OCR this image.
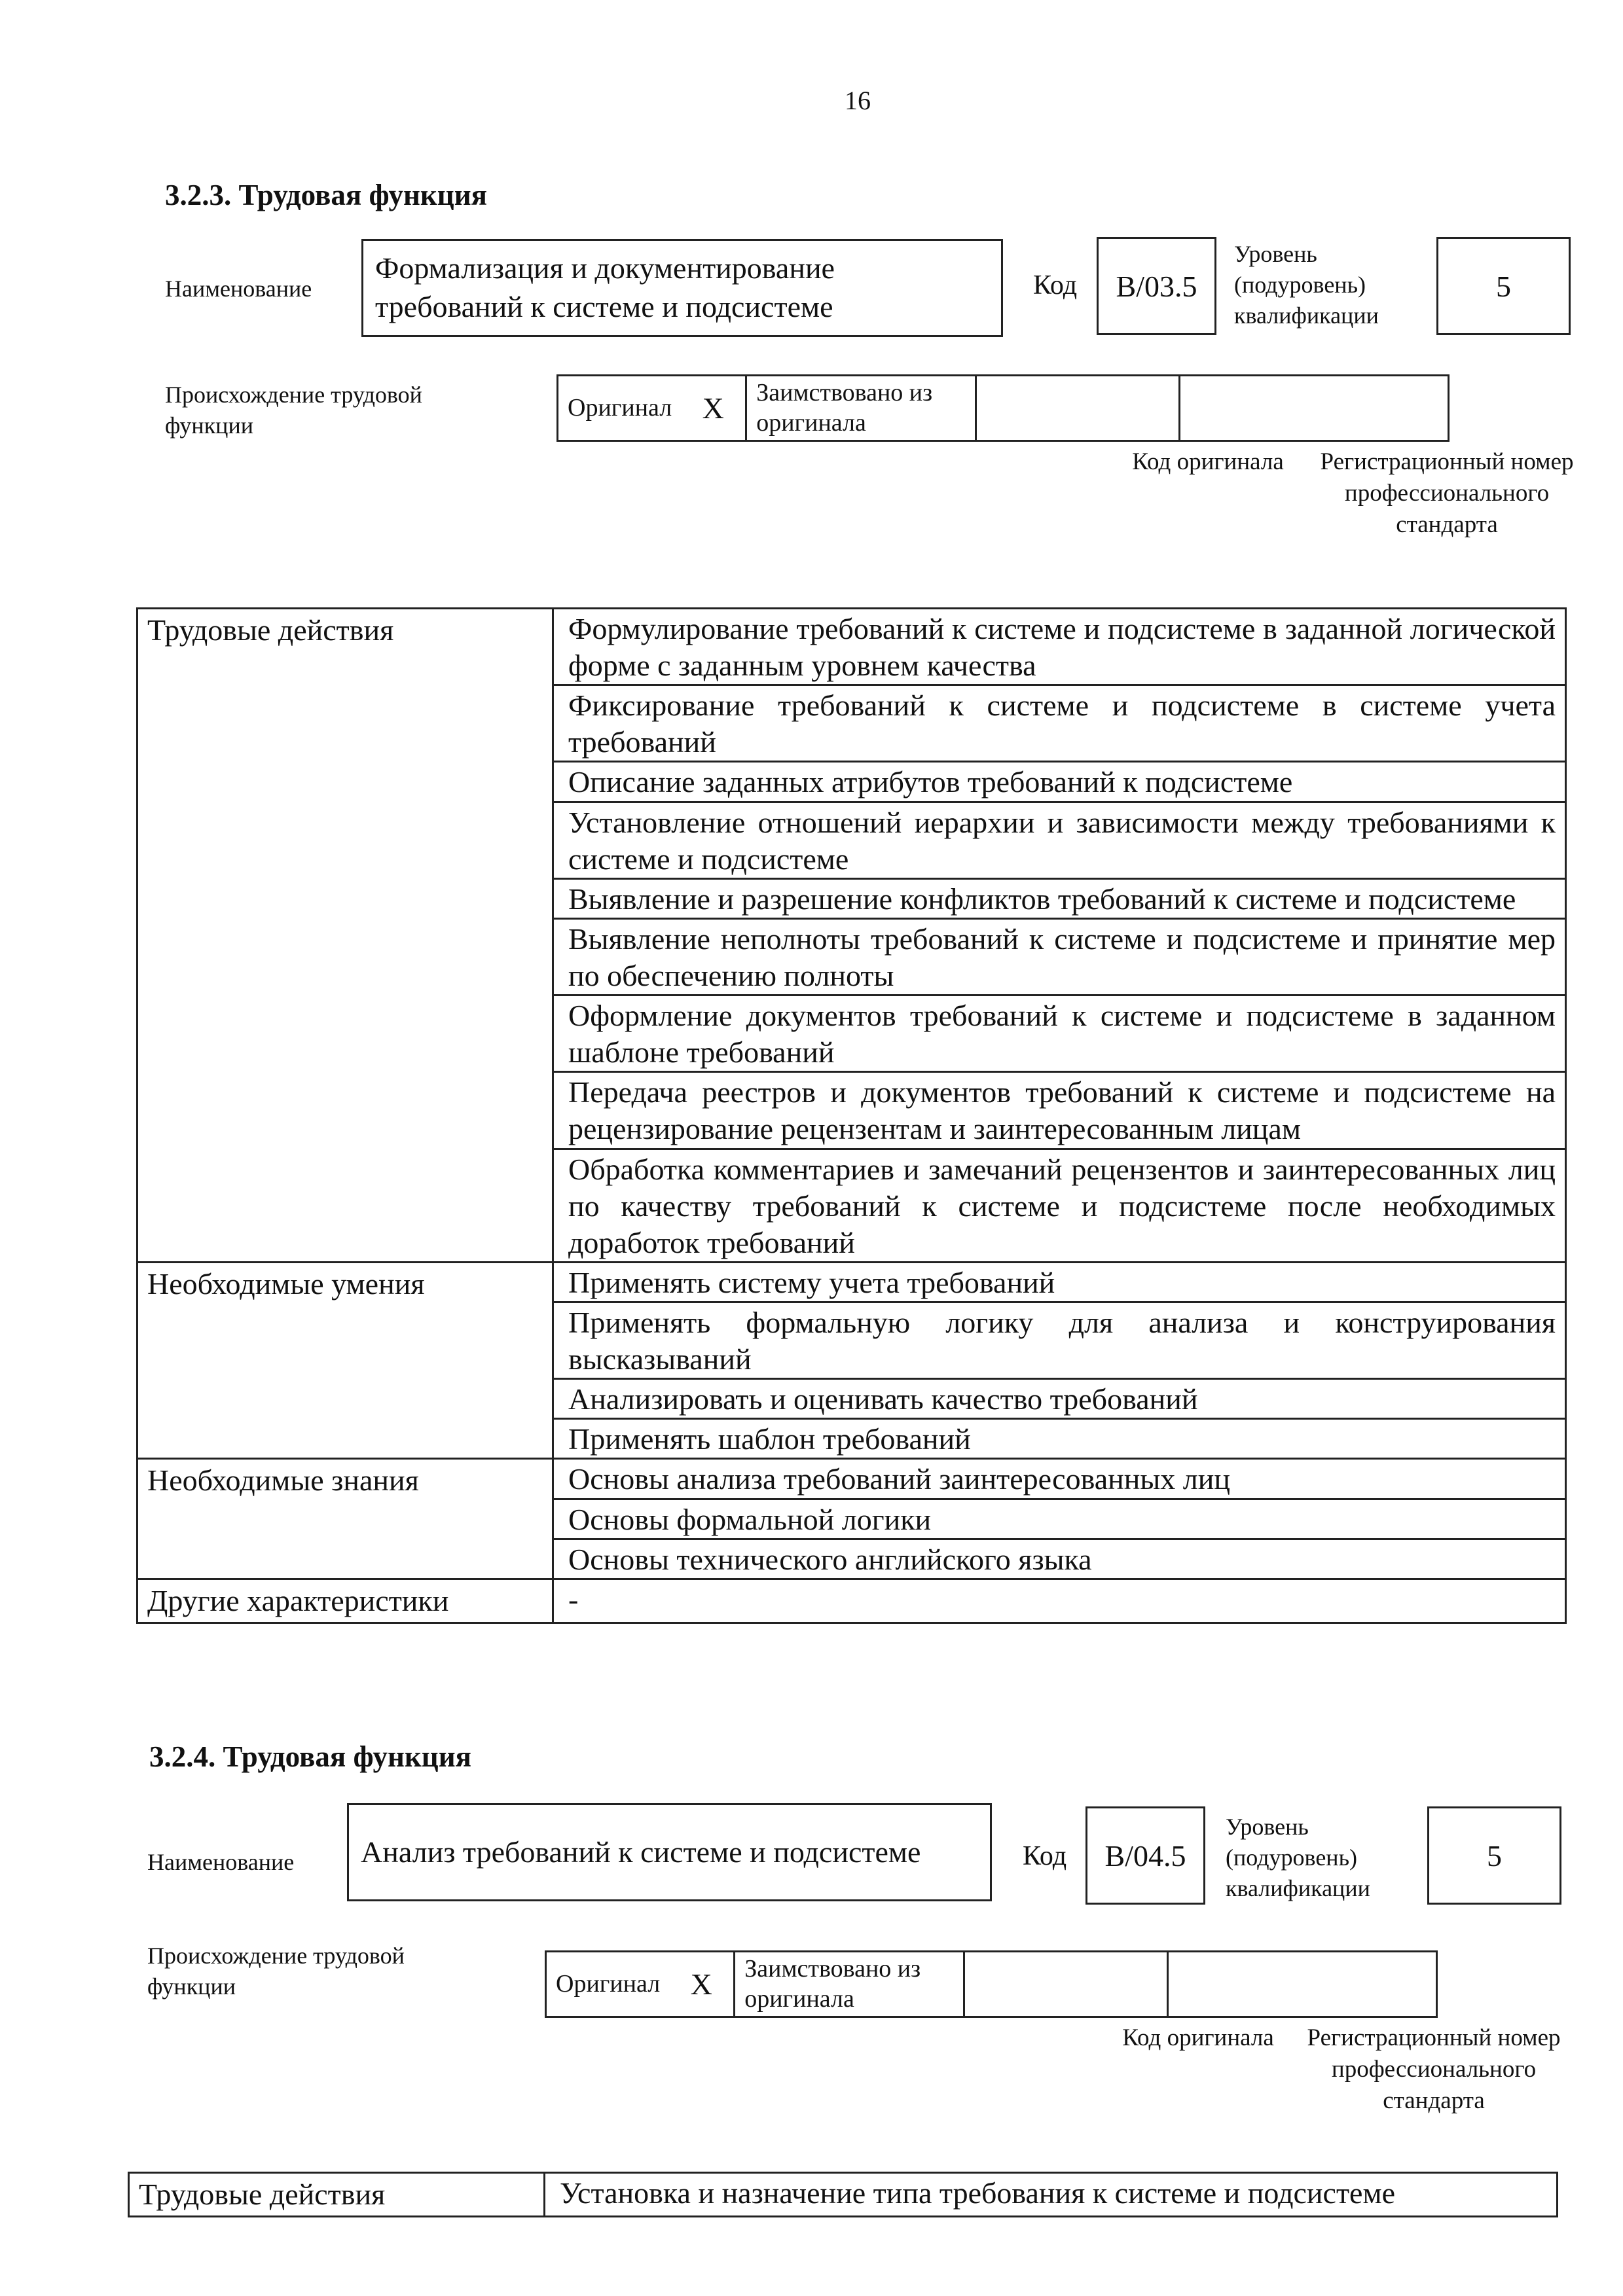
16
3.2.3. Трудовая функция
Наименование
Формализация и документирование требований к системе и подсистеме
Код	B/03.5
Уровень (подуровень) квалификации
5
Происхождение трудовой функции
Оригинал	X	Заимствовано из оригинала		
Код оригинала	Регистрационный номер профессионального стандарта
Трудовые действия	Формулирование требований к системе и подсистеме в заданной логической форме с заданным уровнем качества
	Фиксирование требований к системе и подсистеме в системе учета требований
	Описание заданных атрибутов требований к подсистеме
	Установление отношений иерархии и зависимости между требованиями к системе и подсистеме
	Выявление и разрешение конфликтов требований к системе и подсистеме
	Выявление неполноты требований к системе и подсистеме и принятие мер по обеспечению полноты
	Оформление документов требований к системе и подсистеме в заданном шаблоне требований
	Передача реестров и документов требований к системе и подсистеме на рецензирование рецензентам и заинтересованным лицам
	Обработка комментариев и замечаний рецензентов и заинтересованных лиц по качеству требований к системе и подсистеме после необходимых доработок требований
Необходимые умения	Применять систему учета требований
	Применять формальную логику для анализа и конструирования высказываний
	Анализировать и оценивать качество требований
	Применять шаблон требований
Необходимые знания	Основы анализа требований заинтересованных лиц
	Основы формальной логики
	Основы технического английского языка
Другие характеристики	-
3.2.4. Трудовая функция
Наименование	Анализ требований к системе и подсистеме	Код	B/04.5
Уровень (подуровень) квалификации
5
Происхождение трудовой функции	Оригинал	X	Заимствовано из оригинала		
Код оригинала	Регистрационный номер профессионального стандарта
Трудовые действия	Установка и назначение типа требования к системе и подсистеме
